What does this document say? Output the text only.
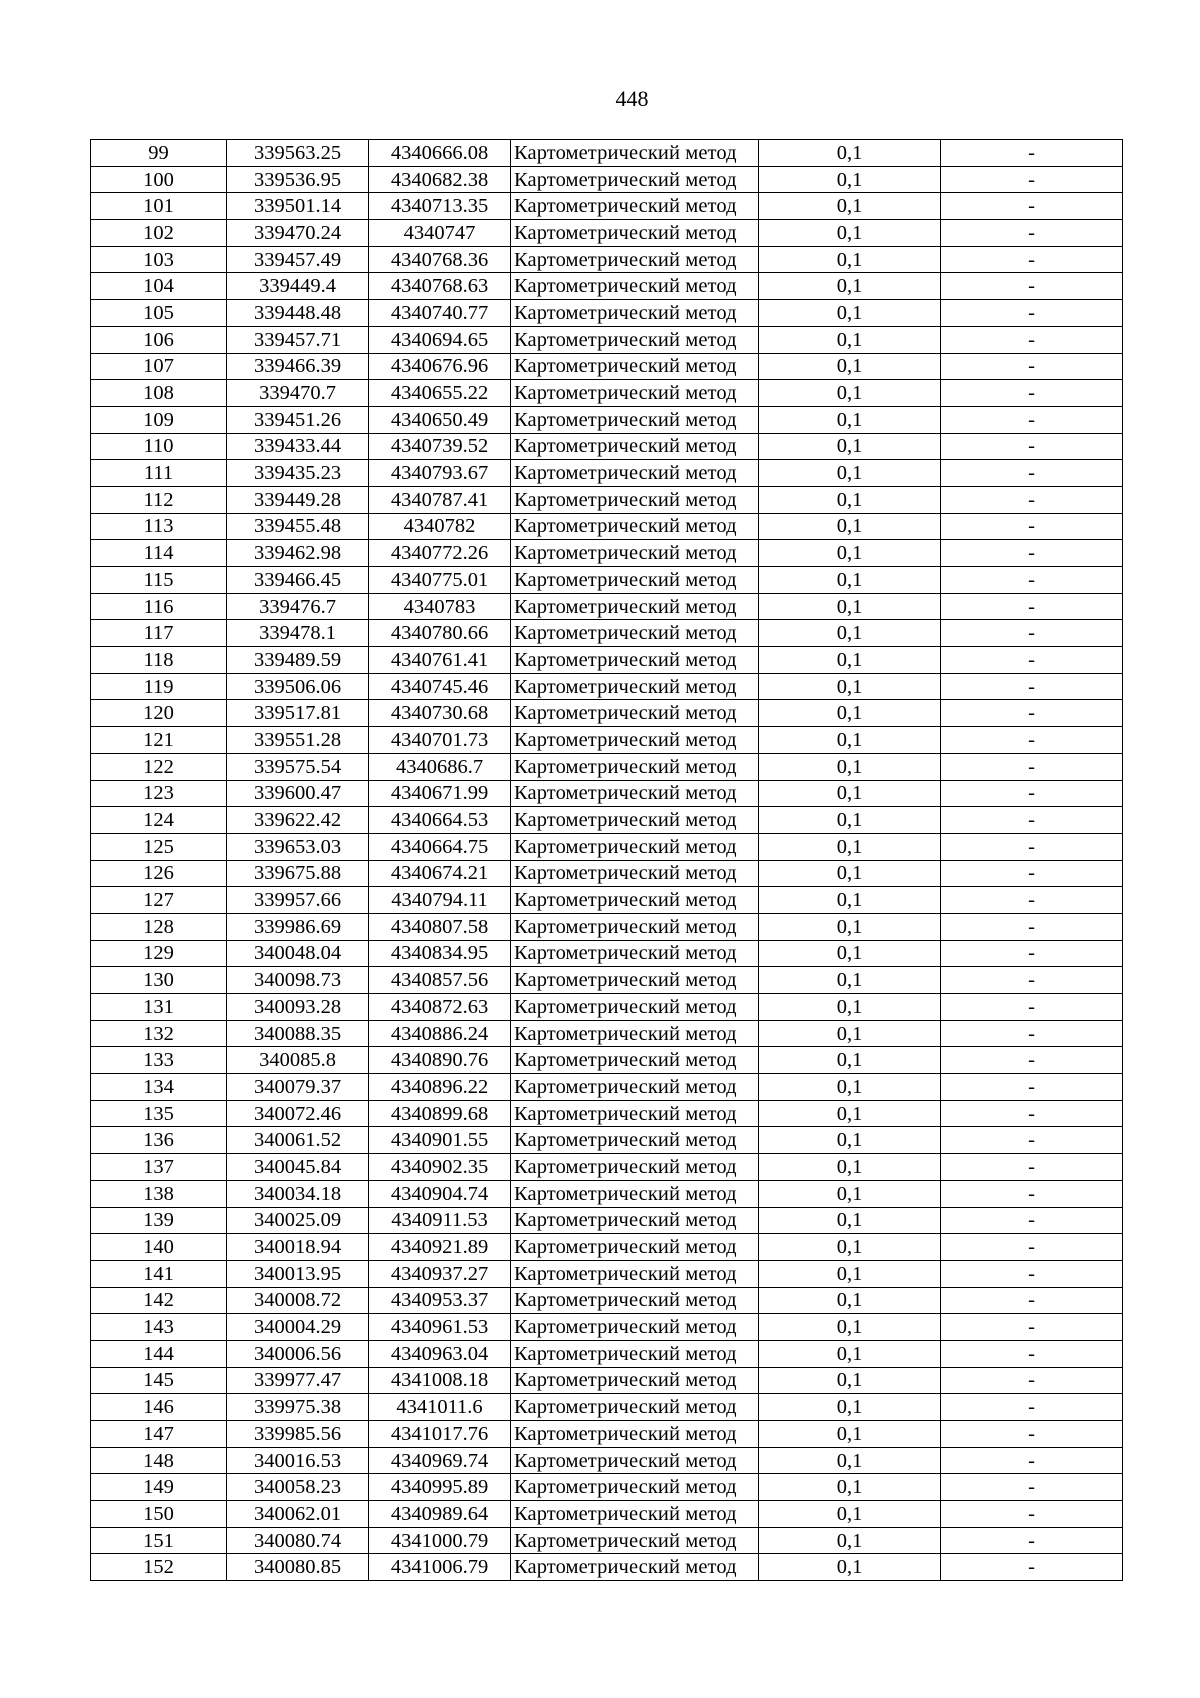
448
99	339563.25	4340666.08	Картометрический метод	0,1	-
100	339536.95	4340682.38	Картометрический метод	0,1	-
101	339501.14	4340713.35	Картометрический метод	0,1	-
102	339470.24	4340747	Картометрический метод	0,1	-
103	339457.49	4340768.36	Картометрический метод	0,1	-
104	339449.4	4340768.63	Картометрический метод	0,1	-
105	339448.48	4340740.77	Картометрический метод	0,1	-
106	339457.71	4340694.65	Картометрический метод	0,1	-
107	339466.39	4340676.96	Картометрический метод	0,1	-
108	339470.7	4340655.22	Картометрический метод	0,1	-
109	339451.26	4340650.49	Картометрический метод	0,1	-
110	339433.44	4340739.52	Картометрический метод	0,1	-
111	339435.23	4340793.67	Картометрический метод	0,1	-
112	339449.28	4340787.41	Картометрический метод	0,1	-
113	339455.48	4340782	Картометрический метод	0,1	-
114	339462.98	4340772.26	Картометрический метод	0,1	-
115	339466.45	4340775.01	Картометрический метод	0,1	-
116	339476.7	4340783	Картометрический метод	0,1	-
117	339478.1	4340780.66	Картометрический метод	0,1	-
118	339489.59	4340761.41	Картометрический метод	0,1	-
119	339506.06	4340745.46	Картометрический метод	0,1	-
120	339517.81	4340730.68	Картометрический метод	0,1	-
121	339551.28	4340701.73	Картометрический метод	0,1	-
122	339575.54	4340686.7	Картометрический метод	0,1	-
123	339600.47	4340671.99	Картометрический метод	0,1	-
124	339622.42	4340664.53	Картометрический метод	0,1	-
125	339653.03	4340664.75	Картометрический метод	0,1	-
126	339675.88	4340674.21	Картометрический метод	0,1	-
127	339957.66	4340794.11	Картометрический метод	0,1	-
128	339986.69	4340807.58	Картометрический метод	0,1	-
129	340048.04	4340834.95	Картометрический метод	0,1	-
130	340098.73	4340857.56	Картометрический метод	0,1	-
131	340093.28	4340872.63	Картометрический метод	0,1	-
132	340088.35	4340886.24	Картометрический метод	0,1	-
133	340085.8	4340890.76	Картометрический метод	0,1	-
134	340079.37	4340896.22	Картометрический метод	0,1	-
135	340072.46	4340899.68	Картометрический метод	0,1	-
136	340061.52	4340901.55	Картометрический метод	0,1	-
137	340045.84	4340902.35	Картометрический метод	0,1	-
138	340034.18	4340904.74	Картометрический метод	0,1	-
139	340025.09	4340911.53	Картометрический метод	0,1	-
140	340018.94	4340921.89	Картометрический метод	0,1	-
141	340013.95	4340937.27	Картометрический метод	0,1	-
142	340008.72	4340953.37	Картометрический метод	0,1	-
143	340004.29	4340961.53	Картометрический метод	0,1	-
144	340006.56	4340963.04	Картометрический метод	0,1	-
145	339977.47	4341008.18	Картометрический метод	0,1	-
146	339975.38	4341011.6	Картометрический метод	0,1	-
147	339985.56	4341017.76	Картометрический метод	0,1	-
148	340016.53	4340969.74	Картометрический метод	0,1	-
149	340058.23	4340995.89	Картометрический метод	0,1	-
150	340062.01	4340989.64	Картометрический метод	0,1	-
151	340080.74	4341000.79	Картометрический метод	0,1	-
152	340080.85	4341006.79	Картометрический метод	0,1	-
